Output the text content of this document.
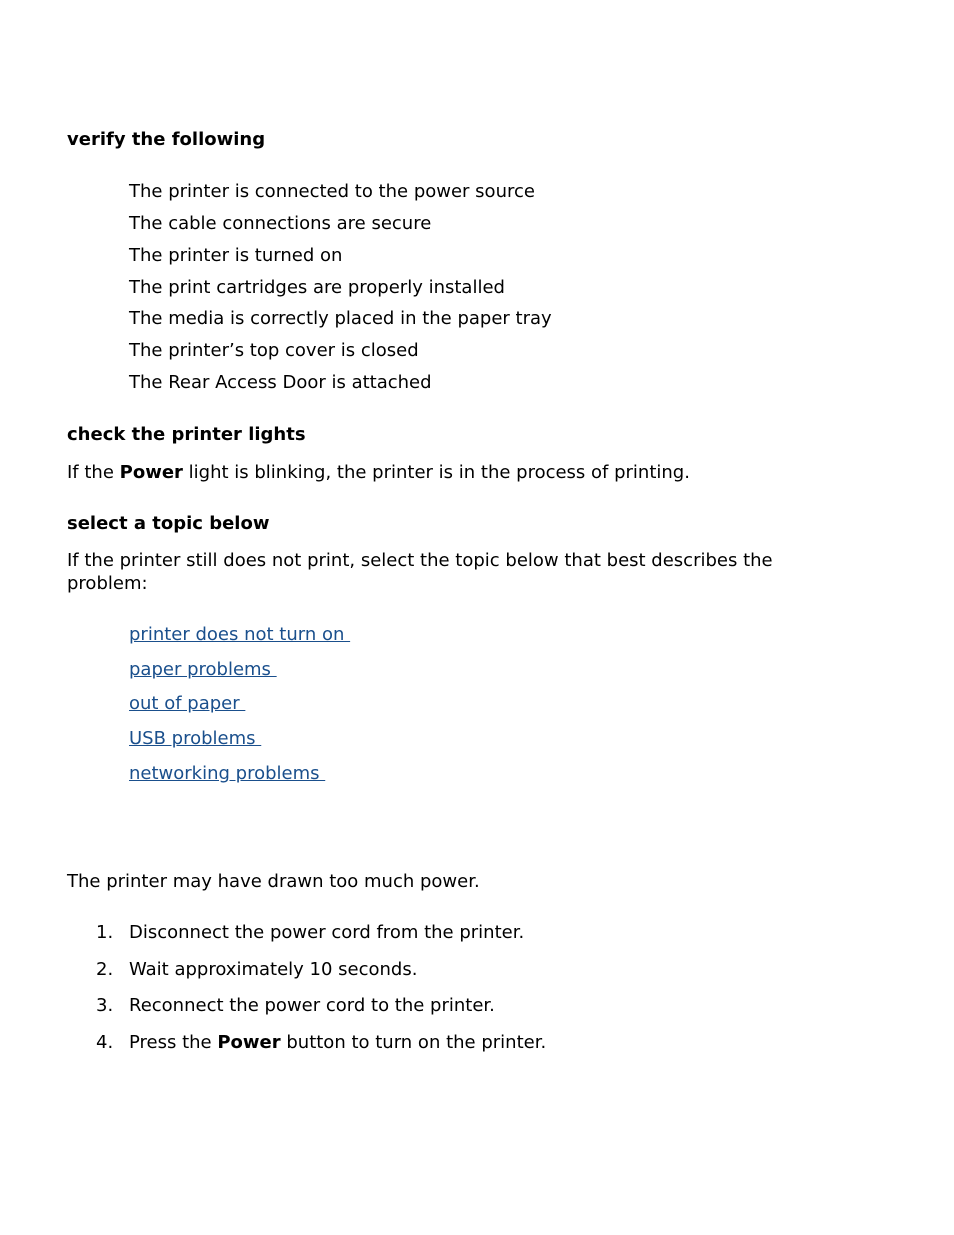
verify the following
The printer is connected to the power source
The cable connections are secure
The printer is turned on
The print cartridges are properly installed
The media is correctly placed in the paper tray
The printer’s top cover is closed
The Rear Access Door is attached
check the printer lights
If the Power light is blinking, the printer is in the process of printing.
select a topic below
If the printer still does not print, select the topic below that best describes the problem:
printer does not turn on
paper problems
out of paper
USB problems
networking problems
The printer may have drawn too much power.
1. Disconnect the power cord from the printer.
2. Wait approximately 10 seconds.
3. Reconnect the power cord to the printer.
4. Press the Power button to turn on the printer.
